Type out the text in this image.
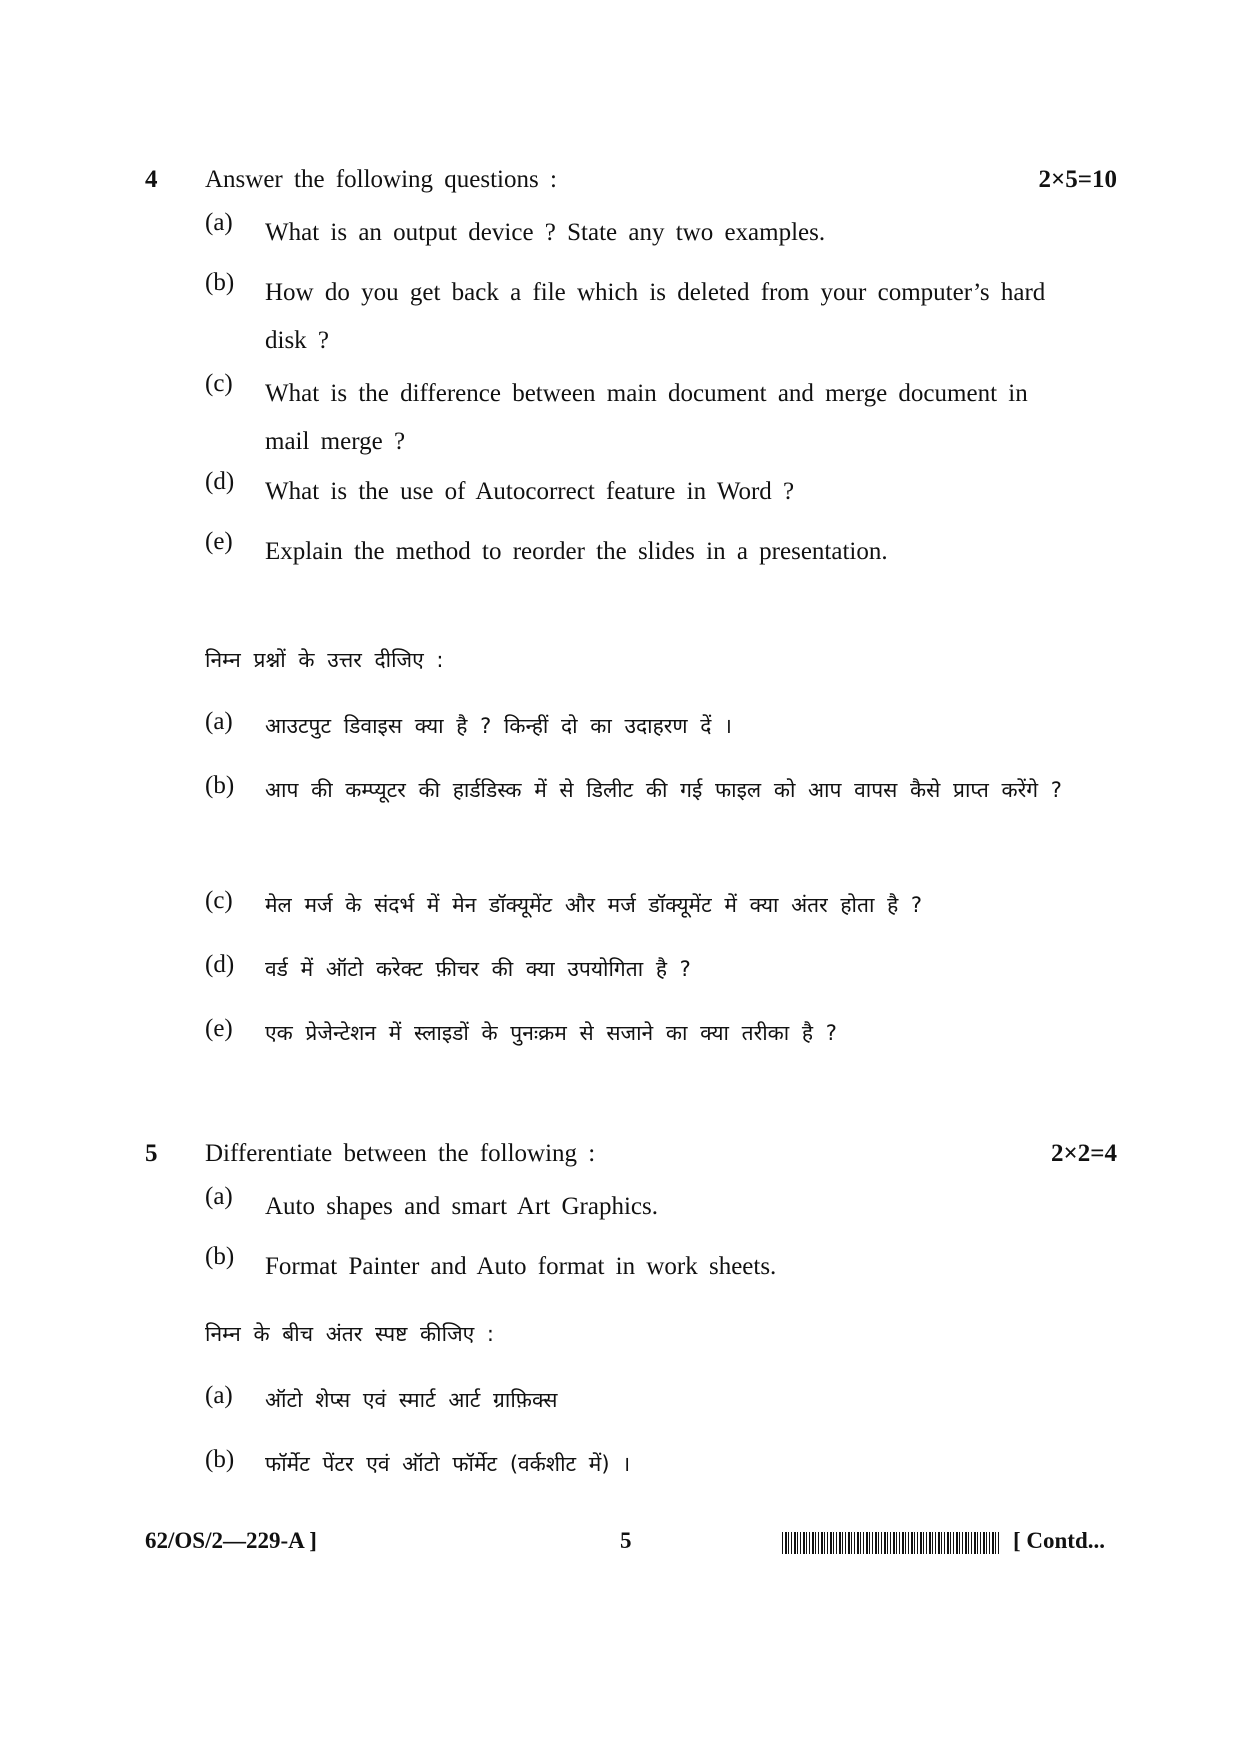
4 Answer the following questions :	2×5=10
(a) What is an output device ? State any two examples.
(b) How do you get back a file which is deleted from your computer’s hard disk ?
(c) What is the difference between main document and merge document in mail merge ?
(d) What is the use of Autocorrect feature in Word ?
(e) Explain the method to reorder the slides in a presentation.
निम्न प्रश्नों के उत्तर दीजिए :
(a) आउटपुट डिवाइस क्या है ? किन्हीं दो का उदाहरण दें ।
(b) आप की कम्प्यूटर की हार्डडिस्क में से डिलीट की गई फाइल को आप वापस कैसे प्राप्त करेंगे ?
(c) मेल मर्ज के संदर्भ में मेन डॉक्यूमेंट और मर्ज डॉक्यूमेंट में क्या अंतर होता है ?
(d) वर्ड में ऑटो करेक्ट फ़ीचर की क्या उपयोगिता है ?
(e) एक प्रेजेन्टेशन में स्लाइडों के पुनःक्रम से सजाने का क्या तरीका है ?
5 Differentiate between the following :	2×2=4
(a) Auto shapes and smart Art Graphics.
(b) Format Painter and Auto format in work sheets.
निम्न के बीच अंतर स्पष्ट कीजिए :
(a) ऑटो शेप्स एवं स्मार्ट आर्ट ग्राफ़िक्स
(b) फॉर्मेट पेंटर एवं ऑटो फॉर्मेट (वर्कशीट में) ।
62/OS/2—229-A ]	5	[ Contd...
